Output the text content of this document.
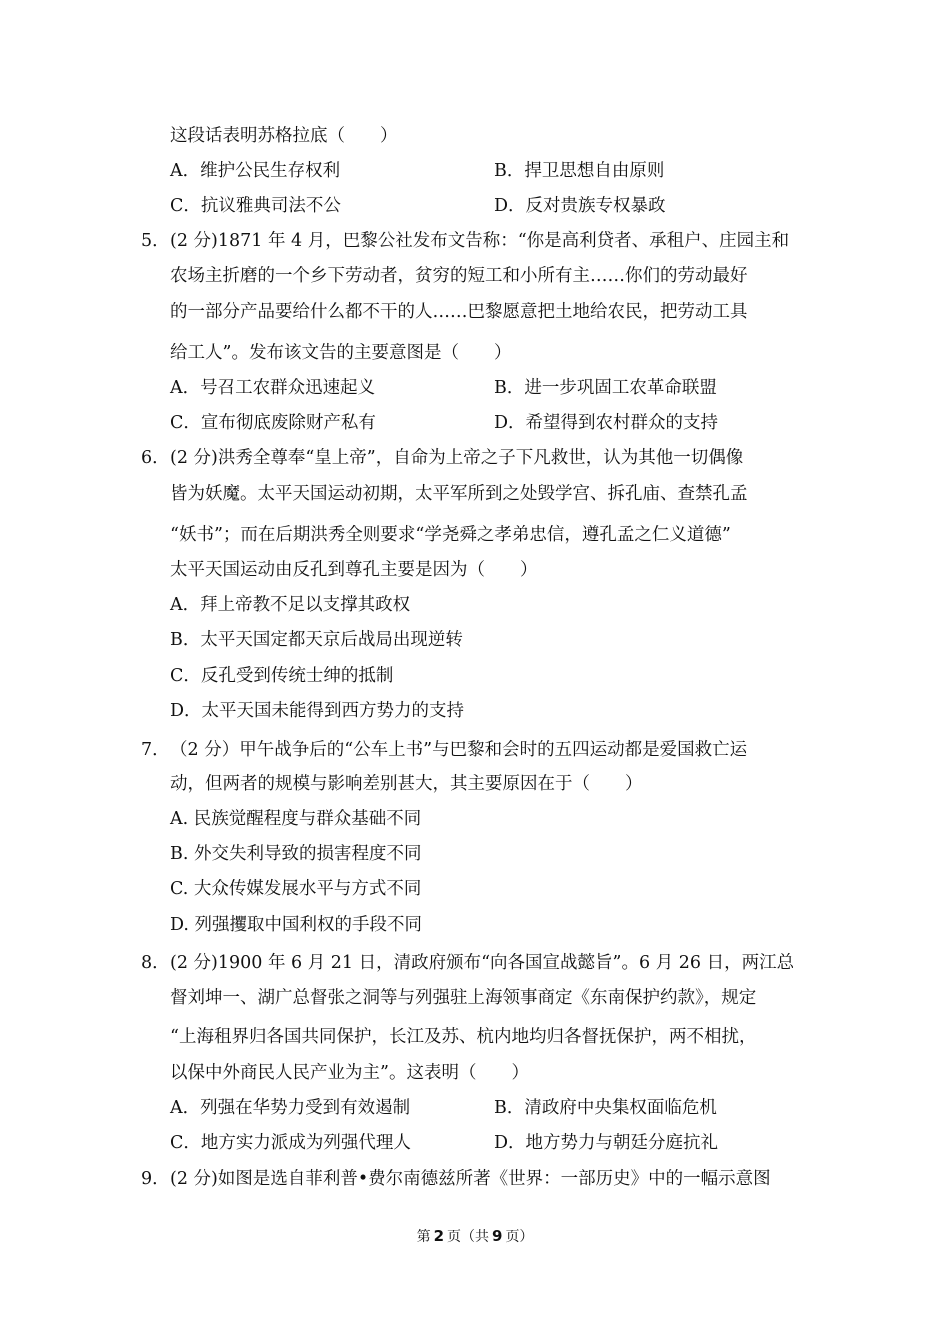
这段话表明苏格拉底（　　）
A．维护公民生存权利	B．捍卫思想自由原则
C．抗议雅典司法不公	D．反对贵族专权暴政
5． (2 分)1871 年 4 月，巴黎公社发布文告称：“你是高利贷者、承租户、庄园主和
农场主折磨的一个乡下劳动者，贫穷的短工和小所有主……你们的劳动最好
的一部分产品要给什么都不干的人……巴黎愿意把土地给农民，把劳动工具
给工人”。发布该文告的主要意图是（　　）
A．号召工农群众迅速起义	B．进一步巩固工农革命联盟
C．宣布彻底废除财产私有	D．希望得到农村群众的支持
6． (2 分)洪秀全尊奉“皇上帝”，自命为上帝之子下凡救世，认为其他一切偶像
皆为妖魔。太平天国运动初期，太平军所到之处毁学宫、拆孔庙、查禁孔孟
“妖书”；而在后期洪秀全则要求“学尧舜之孝弟忠信，遵孔孟之仁义道德”
太平天国运动由反孔到尊孔主要是因为（　　）
A．拜上帝教不足以支撑其政权
B．太平天国定都天京后战局出现逆转
C．反孔受到传统士绅的抵制
D．太平天国未能得到西方势力的支持
7． （2 分）甲午战争后的“公车上书”与巴黎和会时的五四运动都是爱国救亡运
动，但两者的规模与影响差别甚大，其主要原因在于（　　）
A. 民族觉醒程度与群众基础不同
B. 外交失利导致的损害程度不同
C. 大众传媒发展水平与方式不同
D. 列强攫取中国利权的手段不同
8． (2 分)1900 年 6 月 21 日，清政府颁布“向各国宣战懿旨”。6 月 26 日，两江总
督刘坤一、湖广总督张之洞等与列强驻上海领事商定《东南保护约款》，规定
“上海租界归各国共同保护，长江及苏、杭内地均归各督抚保护，两不相扰，
以保中外商民人民产业为主”。这表明（　　）
A．列强在华势力受到有效遏制	B．清政府中央集权面临危机
C．地方实力派成为列强代理人	D．地方势力与朝廷分庭抗礼
9． (2 分)如图是选自菲利普•费尔南德兹所著《世界：一部历史》中的一幅示意图
第 2 页（共 9 页）
